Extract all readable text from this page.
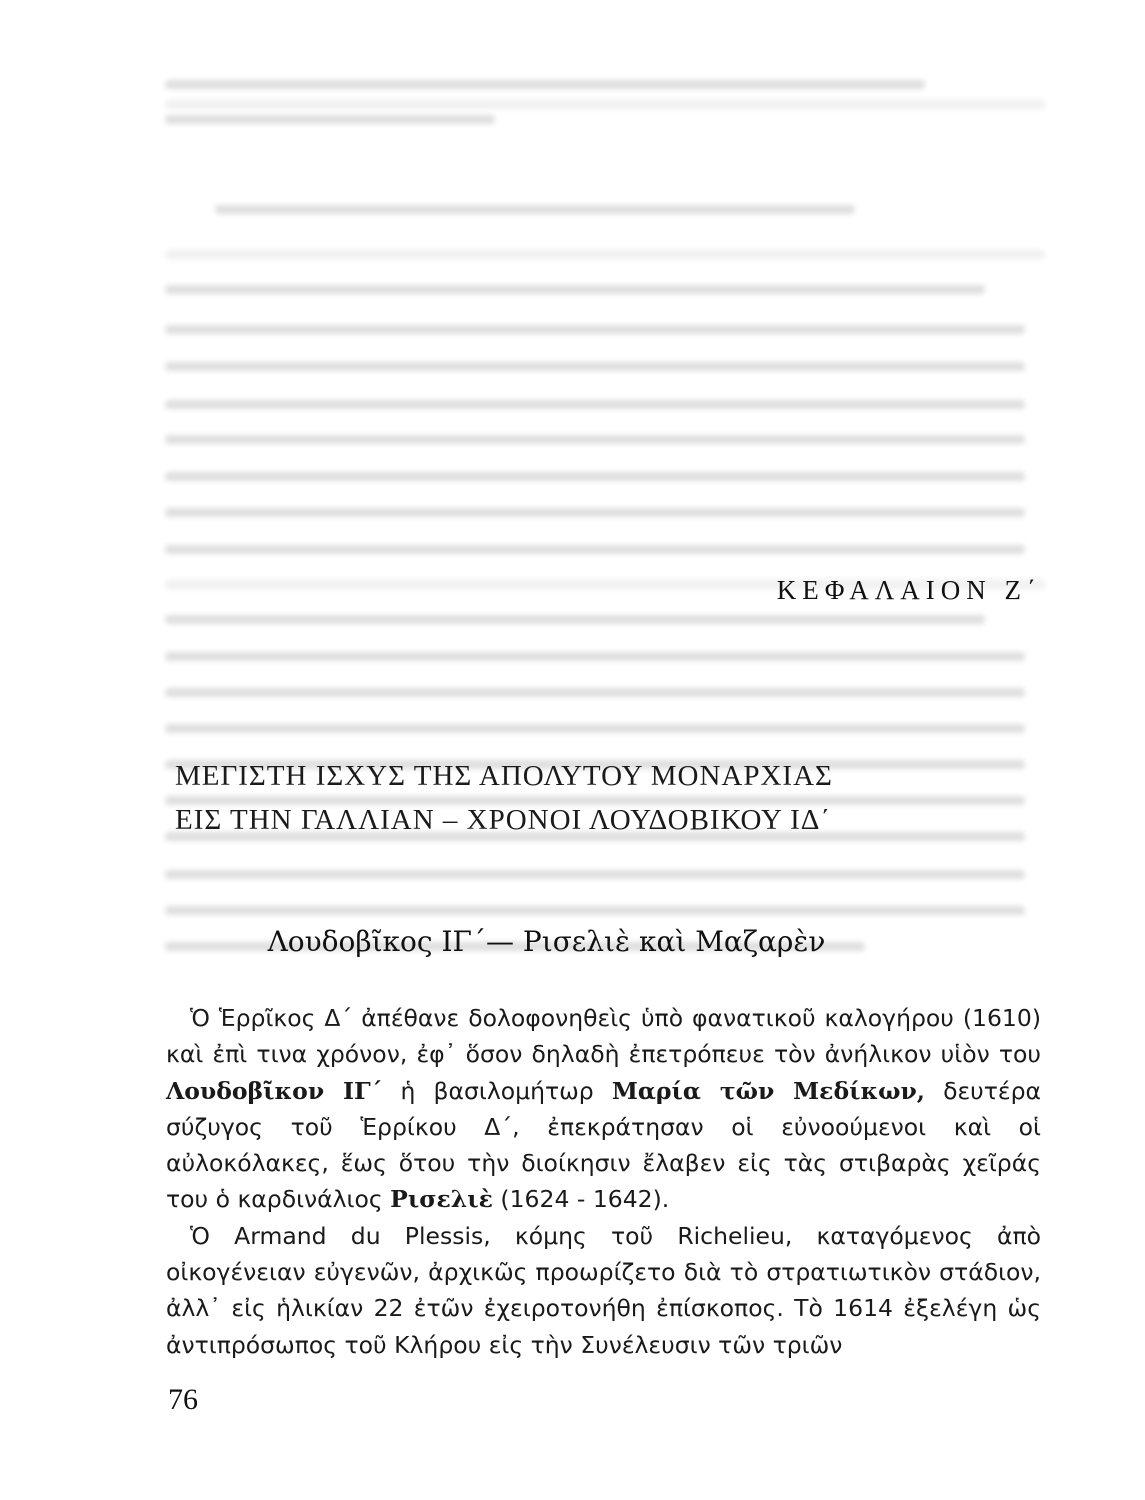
ΚΕΦΑΛΑΙΟΝ Ζ΄
ΜΕΓΙΣΤΗ ΙΣΧΥΣ ΤΗΣ ΑΠΟΛΥΤΟΥ ΜΟΝΑΡΧΙΑΣ
ΕΙΣ ΤΗΝ ΓΑΛΛΙΑΝ – ΧΡΟΝΟΙ ΛΟΥΔΟΒΙΚΟΥ ΙΔ΄
Λουδοβῖκος ΙΓ΄— Ρισελιὲ καὶ Μαζαρὲν

Ὁ Ἑρρῖκος Δ΄ ἀπέθανε δολοφονηθεὶς ὑπὸ φανατικοῦ καλογήρου (1610) καὶ ἐπὶ τινα χρόνον, ἐφ᾽ ὅσον δηλαδὴ ἐπετρόπευε τὸν ἀνήλικον υἱὸν του Λουδοβῖκον ΙΓ΄ ἡ βασιλομήτωρ Μαρία τῶν Μεδίκων, δευτέρα σύζυγος τοῦ Ἑρρίκου Δ΄, ἐπεκράτησαν οἱ εὐνοούμενοι καὶ οἱ αὐλοκόλακες, ἕως ὅτου τὴν διοίκησιν ἔλαβεν εἰς τὰς στιβαρὰς χεῖράς του ὁ καρδινάλιος Ρισελιὲ (1624 - 1642).

Ὁ Armand du Plessis, κόμης τοῦ Richelieu, καταγόμενος ἀπὸ οἰκογένειαν εὐγενῶν, ἀρχικῶς προωρίζετο διὰ τὸ στρατιωτικὸν στάδιον, ἀλλ᾽ εἰς ἡλικίαν 22 ἐτῶν ἐχειροτονήθη ἐπίσκοπος. Τὸ 1614 ἐξελέγη ὡς ἀντιπρόσωπος τοῦ Κλήρου εἰς τὴν Συνέλευσιν τῶν τριῶν

76
